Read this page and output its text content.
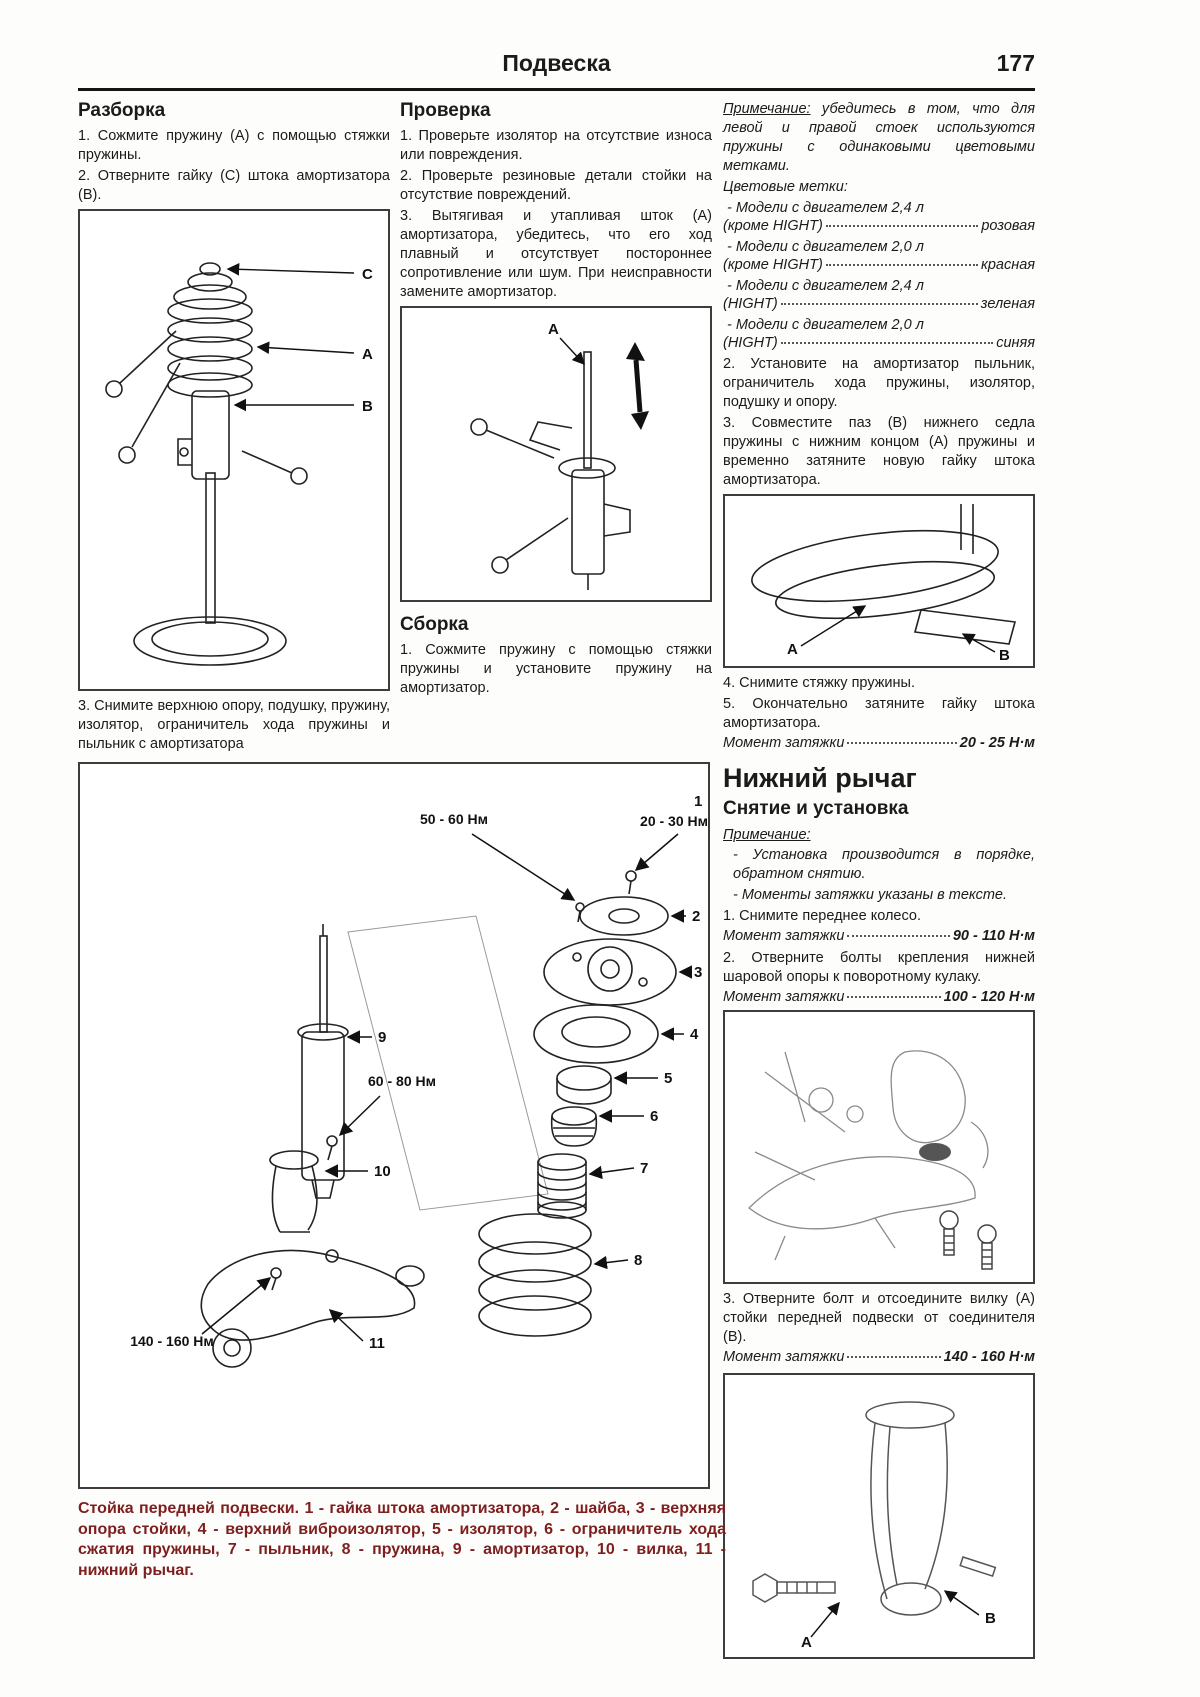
Подвеска	177
Разборка

1. Сожмите пружину (А) с помощью стяжки пружины.

2. Отверните гайку (С) штока амортизатора (В).

C
A
B

3. Снимите верхнюю опору, подушку, пружину, изолятор, ограничитель хода пружины и пыльник с амортизатора

Проверка

1. Проверьте изолятор на отсутствие износа или повреждения.

2. Проверьте резиновые детали стойки на отсутствие повреждений.

3. Вытягивая и утапливая шток (А) амортизатора, убедитесь, что его ход плавный и отсутствует постороннее сопротивление или шум. При неисправности замените амортизатор.

A
Сборка

1. Сожмите пружину с помощью стяжки пружины и установите пружину на амортизатор.

Примечание: убедитесь в том, что для левой и правой стоек используются пружины с одинаковыми цветовыми метками.

Цветовые метки:

- Модели с двигателем 2,4 л

(кроме HIGHT)	розовая

- Модели с двигателем 2,0 л

(кроме HIGHT)	красная

- Модели с двигателем 2,4 л

(HIGHT)	зеленая

- Модели с двигателем 2,0 л

(HIGHT)	синяя

2. Установите на амортизатор пыльник, ограничитель хода пружины, изолятор, подушку и опору.

3. Совместите паз (В) нижнего седла пружины с нижним концом (А) пружины и временно затяните новую гайку штока амортизатора.

A	B

4. Снимите стяжку пружины.

5. Окончательно затяните гайку штока амортизатора.

Момент затяжки	20 - 25 Н·м
Нижний рычаг
Снятие и установка

Примечание:

- Установка производится в порядке, обратном снятию.

- Моменты затяжки указаны в тексте.

1. Снимите переднее колесо.

Момент затяжки	90 - 110 Н·м

2. Отверните болты крепления нижней шаровой опоры к поворотному кулаку.

Момент затяжки	100 - 120 Н·м

3. Отверните болт и отсоедините вилку (А) стойки передней подвески от соединителя (В).

Момент затяжки	140 - 160 Н·м
A
B
50 - 60 Нм	20 - 30 Нм
60 - 80 Нм
140 - 160 Нм
1
2
3
4
5
6
7
8
9
10
11
Стойка передней подвески. 1 - гайка штока амортизатора, 2 - шайба, 3 - верхняя опора стойки, 4 - верхний виброизолятор, 5 - изолятор, 6 - ограничитель хода сжатия пружины, 7 - пыльник, 8 - пружина, 9 - амортизатор, 10 - вилка, 11 - нижний рычаг.
